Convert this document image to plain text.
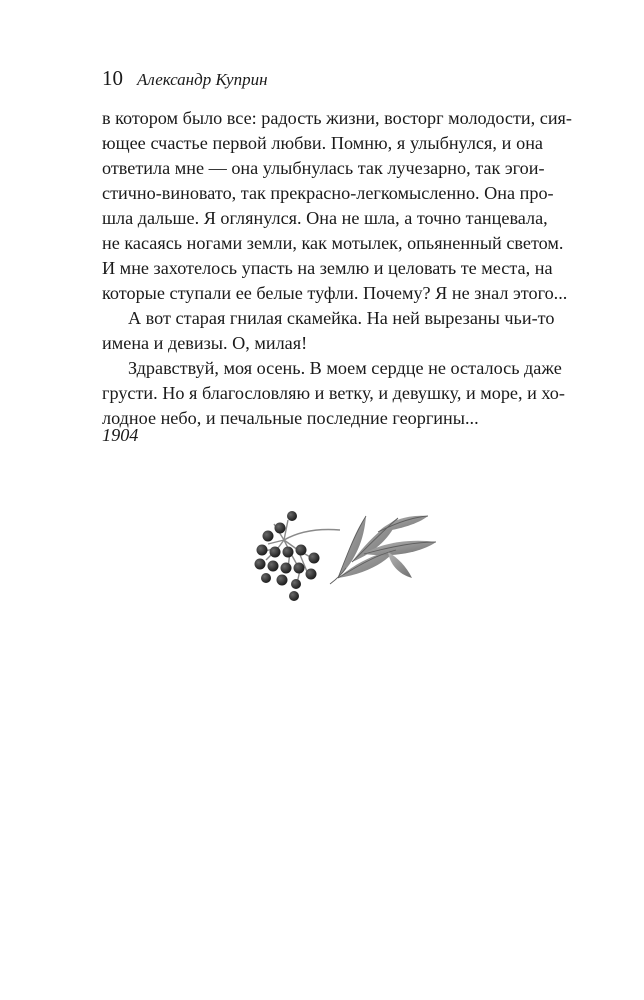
10 Александр Куприн

в котором было все: радость жизни, восторг молодости, сия-
ющее счастье первой любви. Помню, я улыбнулся, и она
ответила мне — она улыбнулась так лучезарно, так эгои-
стично-виновато, так прекрасно-легкомысленно. Она про-
шла дальше. Я оглянулся. Она не шла, а точно танцевала,
не касаясь ногами земли, как мотылек, опьяненный светом.
И мне захотелось упасть на землю и целовать те места, на
которые ступали ее белые туфли. Почему? Я не знал этого...

А вот старая гнилая скамейка. На ней вырезаны чьи-то
имена и девизы. О, милая!

Здравствуй, моя осень. В моем сердце не осталось даже
грусти. Но я благословляю и ветку, и девушку, и море, и хо-
лодное небо, и печальные последние георгины...

1904
